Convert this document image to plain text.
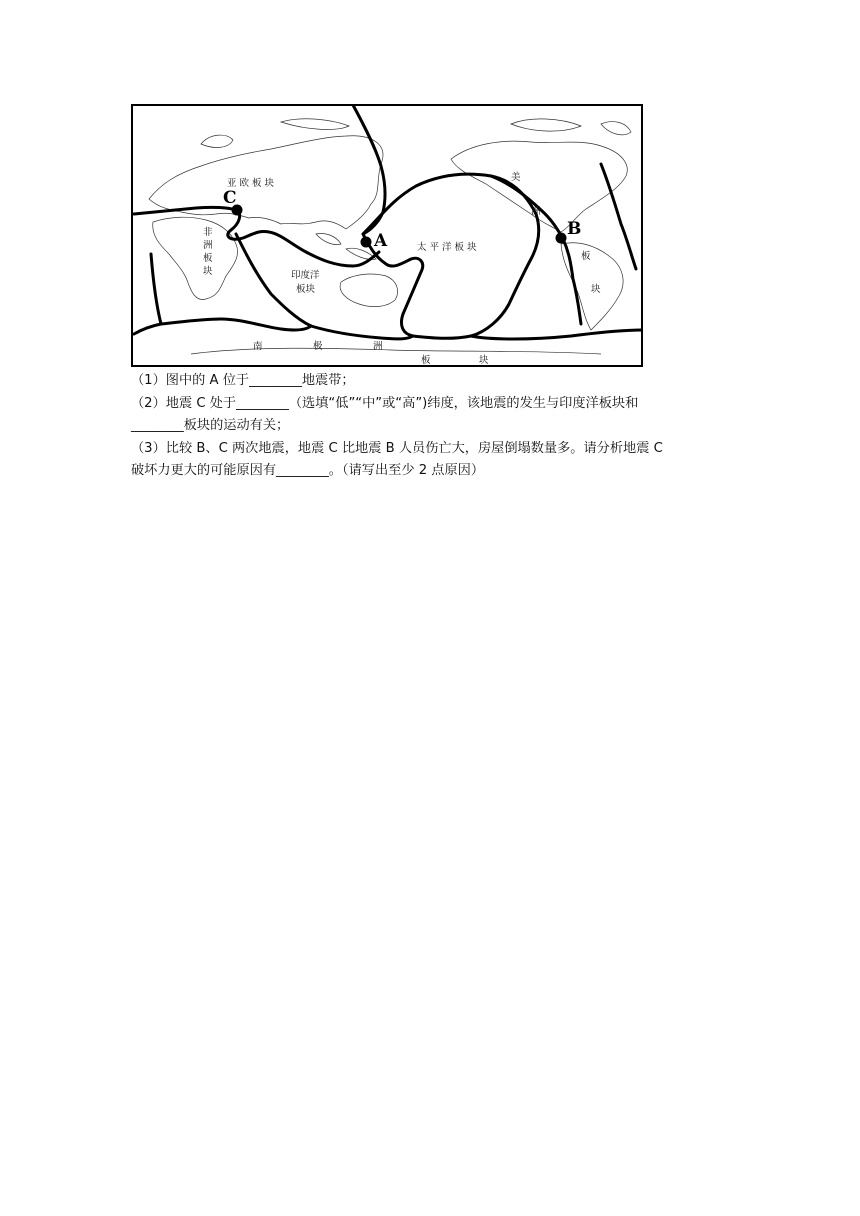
亚 欧 板 块
非
洲
板
块	印度洋
板块
太 平 洋 板 块
美
洲
板
块
南	极	洲
板	块
A
B
C

（1）图中的 A 位于________地震带；

（2）地震 C 处于________（选填“低”“中”或“高”)纬度，该地震的发生与印度洋板块和

________板块的运动有关；

（3）比较 B、C 两次地震，地震 C 比地震 B 人员伤亡大，房屋倒塌数量多。请分析地震 C

破坏力更大的可能原因有________。（请写出至少 2 点原因）
